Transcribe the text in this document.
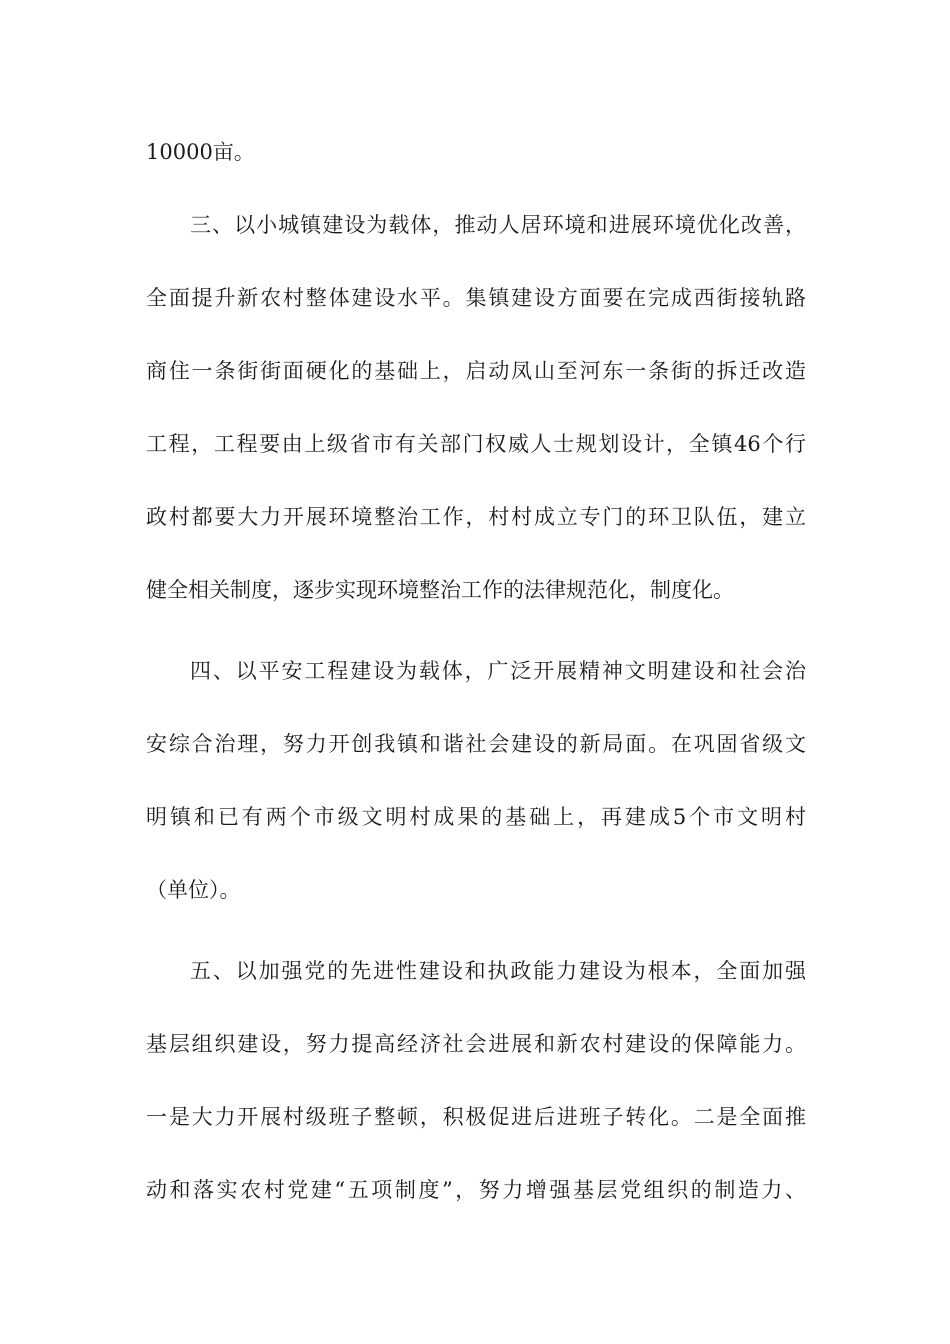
10000亩。

三、以小城镇建设为载体，推动人居环境和进展环境优化改善，

全面提升新农村整体建设水平。集镇建设方面要在完成西街接轨路

商住一条街街面硬化的基础上，启动凤山至河东一条街的拆迁改造

工程，工程要由上级省市有关部门权威人士规划设计，全镇46个行

政村都要大力开展环境整治工作，村村成立专门的环卫队伍，建立

健全相关制度，逐步实现环境整治工作的法律规范化，制度化。

四、以平安工程建设为载体，广泛开展精神文明建设和社会治

安综合治理，努力开创我镇和谐社会建设的新局面。在巩固省级文

明镇和已有两个市级文明村成果的基础上，再建成5个市文明村

（单位）。

五、以加强党的先进性建设和执政能力建设为根本，全面加强

基层组织建设，努力提高经济社会进展和新农村建设的保障能力。

一是大力开展村级班子整顿，积极促进后进班子转化。二是全面推

动和落实农村党建“五项制度”，努力增强基层党组织的制造力、
